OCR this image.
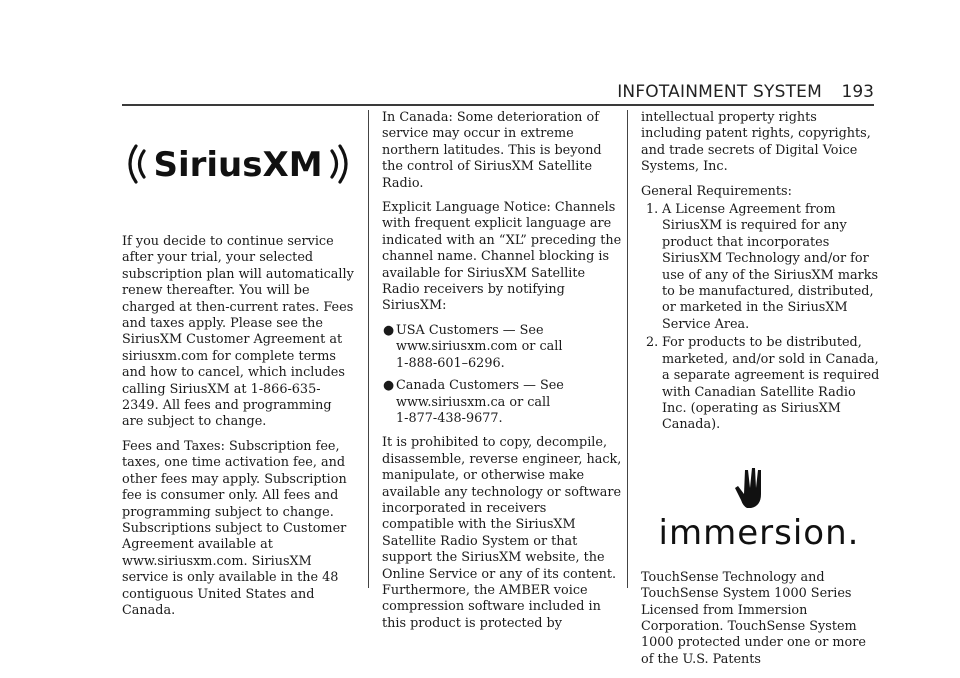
INFOTAINMENT SYSTEM 193
SiriusXM

If you decide to continue service after your trial, your selected subscription plan will automatically renew thereafter. You will be charged at then-current rates. Fees and taxes apply. Please see the SiriusXM Customer Agreement at siriusxm.com for complete terms and how to cancel, which includes calling SiriusXM at 1-866-635-2349. All fees and programming are subject to change.

Fees and Taxes: Subscription fee, taxes, one time activation fee, and other fees may apply. Subscription fee is consumer only. All fees and programming subject to change. Subscriptions subject to Customer Agreement available at www.siriusxm.com. SiriusXM service is only available in the 48 contiguous United States and Canada.

In Canada: Some deterioration of service may occur in extreme northern latitudes. This is beyond the control of SiriusXM Satellite Radio.

Explicit Language Notice: Channels with frequent explicit language are indicated with an “XL” preceding the channel name. Channel blocking is available for SiriusXM Satellite Radio receivers by notifying SiriusXM:

● USA Customers — See
www.siriusxm.com or call
1-888-601–6296.
● Canada Customers — See
www.siriusxm.ca or call
1-877-438-9677.

It is prohibited to copy, decompile, disassemble, reverse engineer, hack, manipulate, or otherwise make available any technology or software incorporated in receivers compatible with the SiriusXM Satellite Radio System or that support the SiriusXM website, the Online Service or any of its content. Furthermore, the AMBER voice compression software included in this product is protected by

intellectual property rights including patent rights, copyrights, and trade secrets of Digital Voice Systems, Inc.

General Requirements:

1. A License Agreement from SiriusXM is required for any product that incorporates SiriusXM Technology and/or for use of any of the SiriusXM marks to be manufactured, distributed, or marketed in the SiriusXM Service Area.
2. For products to be distributed, marketed, and/or sold in Canada, a separate agreement is required with Canadian Satellite Radio Inc. (operating as SiriusXM Canada).
immersion.

TouchSense Technology and TouchSense System 1000 Series Licensed from Immersion Corporation. TouchSense System 1000 protected under one or more of the U.S. Patents
